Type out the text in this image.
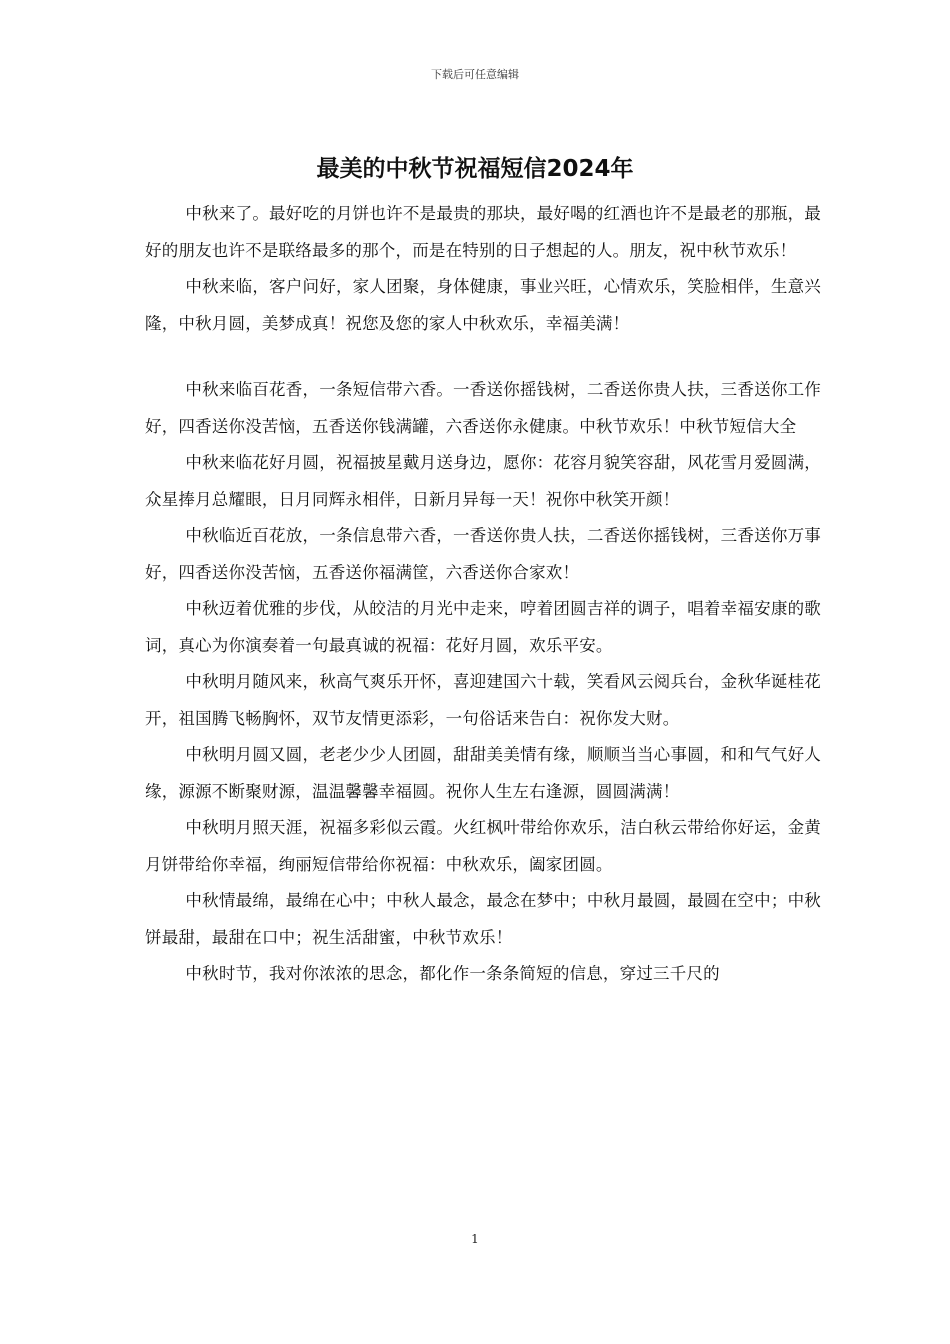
下载后可任意编辑
最美的中秋节祝福短信2024年

中秋来了。最好吃的月饼也许不是最贵的那块，最好喝的红酒也许不是最老的那瓶，最好的朋友也许不是联络最多的那个，而是在特别的日子想起的人。朋友，祝中秋节欢乐！

中秋来临，客户问好，家人团聚，身体健康，事业兴旺，心情欢乐，笑脸相伴，生意兴隆，中秋月圆，美梦成真！祝您及您的家人中秋欢乐，幸福美满！

中秋来临百花香，一条短信带六香。一香送你摇钱树，二香送你贵人扶，三香送你工作好，四香送你没苦恼，五香送你钱满罐，六香送你永健康。中秋节欢乐！中秋节短信大全

中秋来临花好月圆，祝福披星戴月送身边，愿你：花容月貌笑容甜，风花雪月爱圆满，众星捧月总耀眼，日月同辉永相伴，日新月异每一天！祝你中秋笑开颜！

中秋临近百花放，一条信息带六香，一香送你贵人扶，二香送你摇钱树，三香送你万事好，四香送你没苦恼，五香送你福满筐，六香送你合家欢！

中秋迈着优雅的步伐，从皎洁的月光中走来，哼着团圆吉祥的调子，唱着幸福安康的歌词，真心为你演奏着一句最真诚的祝福：花好月圆，欢乐平安。

中秋明月随风来，秋高气爽乐开怀，喜迎建国六十载，笑看风云阅兵台，金秋华诞桂花开，祖国腾飞畅胸怀，双节友情更添彩，一句俗话来告白：祝你发大财。

中秋明月圆又圆，老老少少人团圆，甜甜美美情有缘，顺顺当当心事圆，和和气气好人缘，源源不断聚财源，温温馨馨幸福圆。祝你人生左右逢源，圆圆满满！

中秋明月照天涯，祝福多彩似云霞。火红枫叶带给你欢乐，洁白秋云带给你好运，金黄月饼带给你幸福，绚丽短信带给你祝福：中秋欢乐，阖家团圆。

中秋情最绵，最绵在心中；中秋人最念，最念在梦中；中秋月最圆，最圆在空中；中秋饼最甜，最甜在口中；祝生活甜蜜，中秋节欢乐！

中秋时节，我对你浓浓的思念，都化作一条条简短的信息，穿过三千尺的

1
